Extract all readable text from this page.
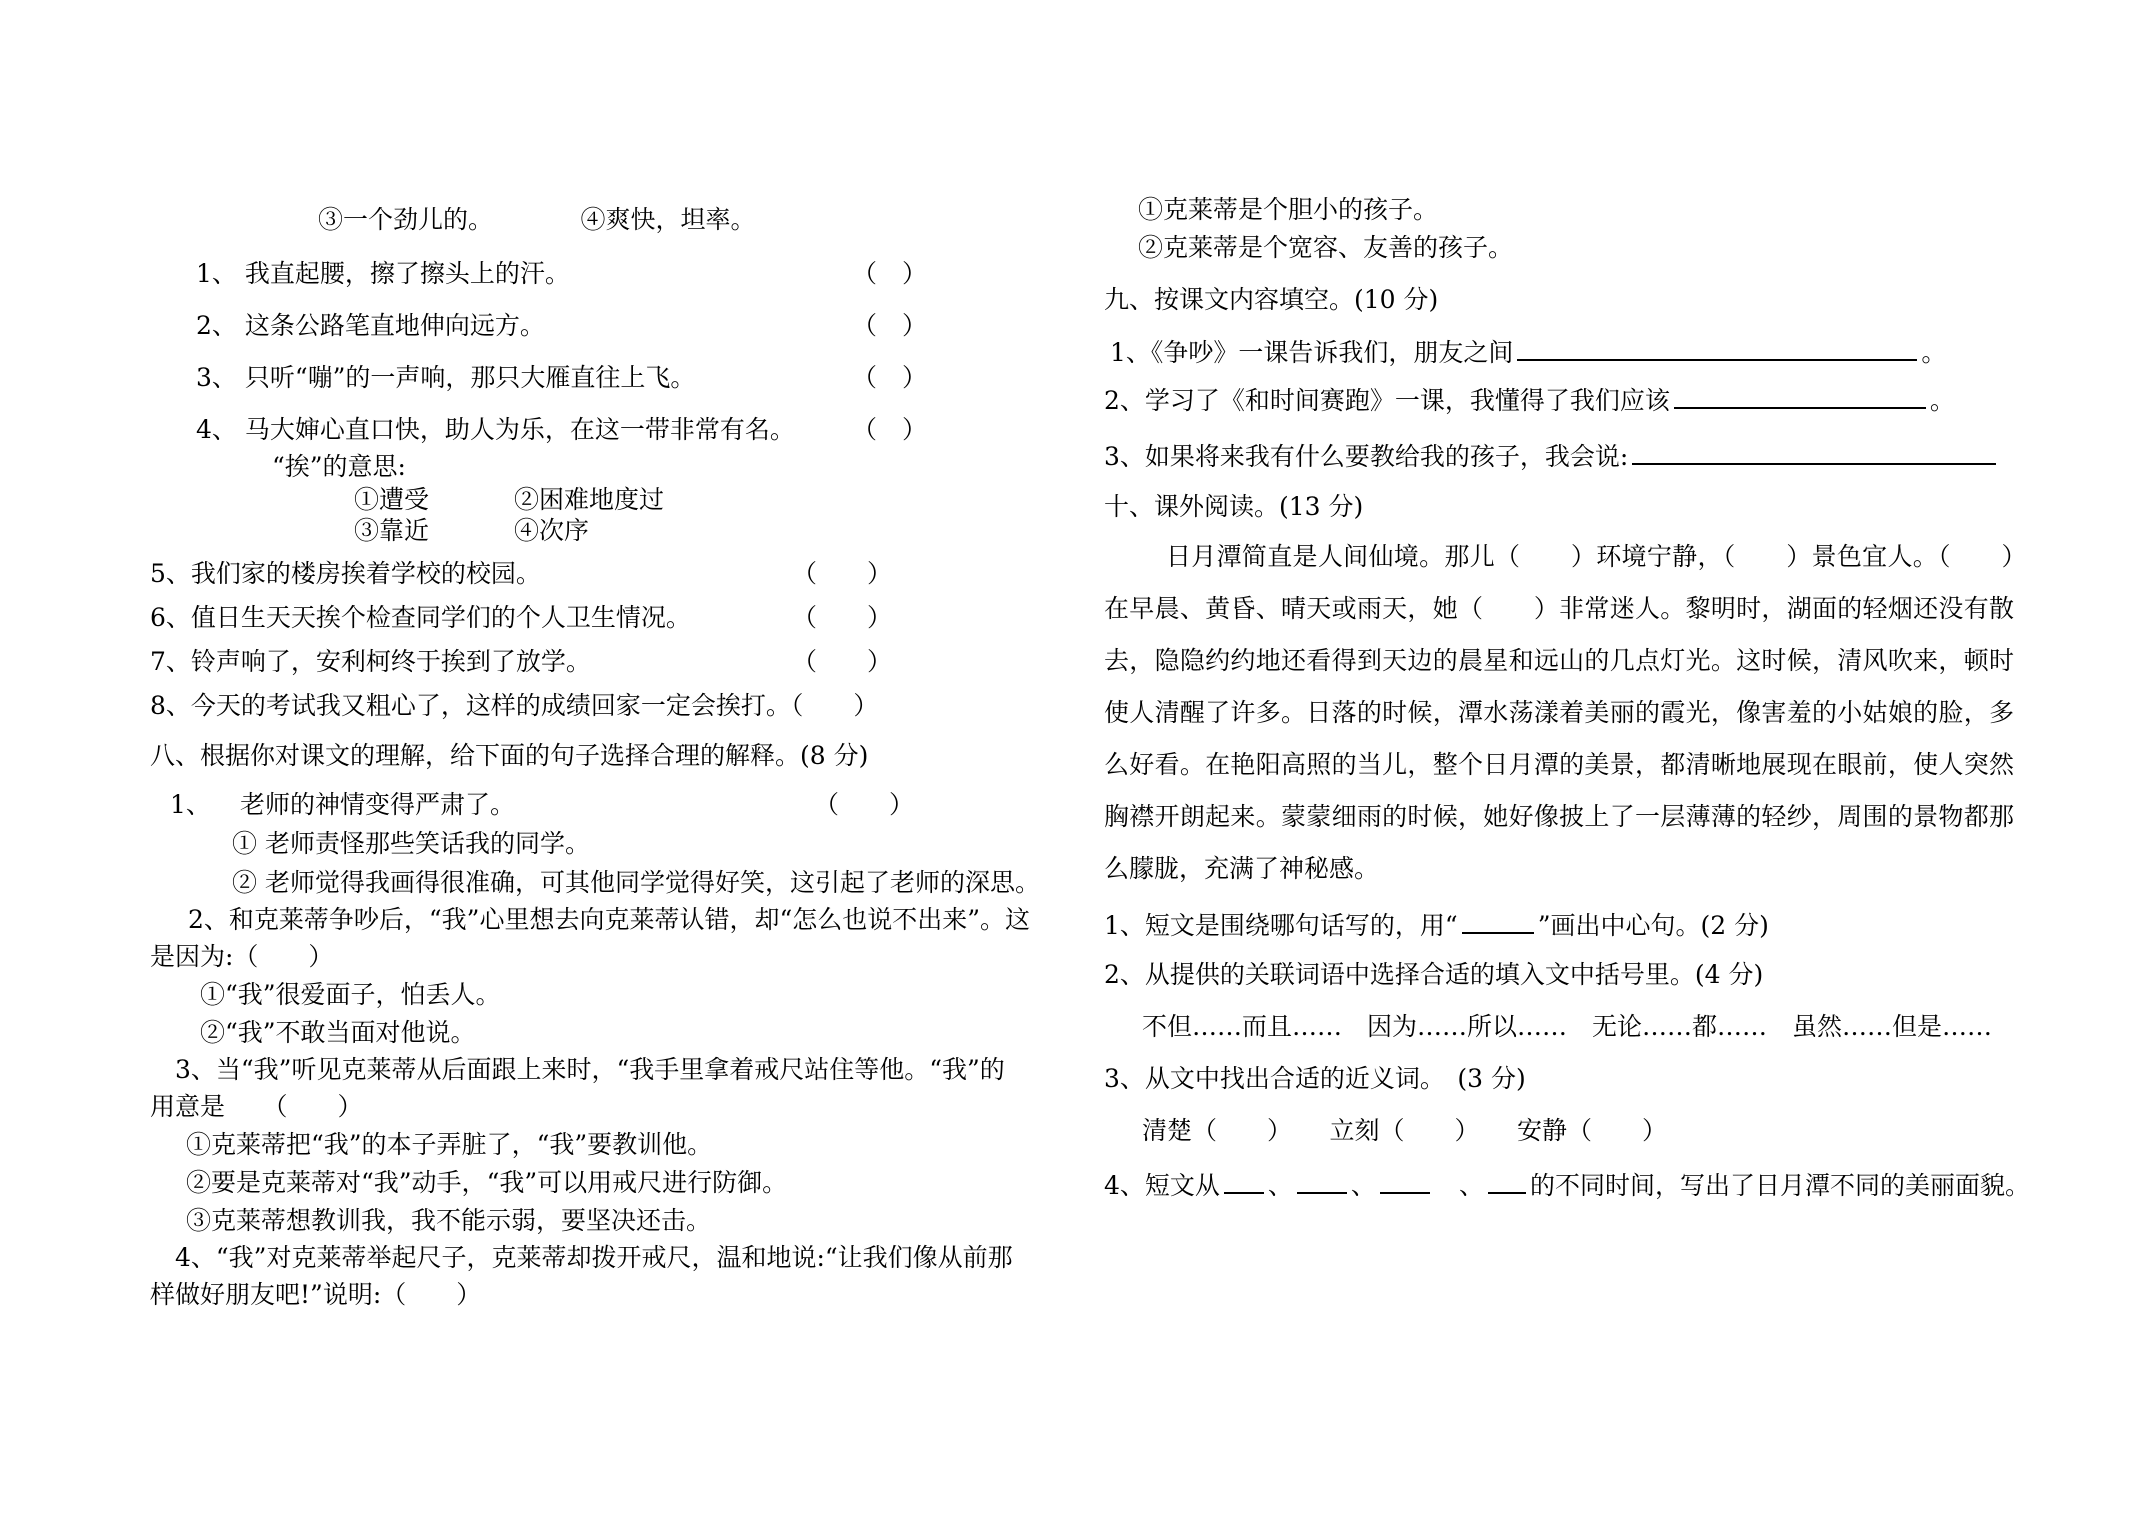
③一个劲儿的。　　　　④爽快，坦率。
1、 我直起腰，擦了擦头上的汗。	（　）
2、 这条公路笔直地伸向远方。	（　）
3、 只听“嘣”的一声响，那只大雁直往上飞。	（　）
4、 马大婶心直口快，助人为乐，在这一带非常有名。 （　）
“挨”的意思:
①遭受	②困难地度过
③靠近	④次序
5、我们家的楼房挨着学校的校园。	（　　）
6、值日生天天挨个检查同学们的个人卫生情况。	（　　）
7、铃声响了，安利柯终于挨到了放学。	（　　）
8、今天的考试我又粗心了，这样的成绩回家一定会挨打。（　　）
八、根据你对课文的理解，给下面的句子选择合理的解释。(8 分)
1、 老师的神情变得严肃了。	（　　）
① 老师责怪那些笑话我的同学。
② 老师觉得我画得很准确，可其他同学觉得好笑，这引起了老师的深思。
2、和克莱蒂争吵后，“我”心里想去向克莱蒂认错，却“怎么也说不出来”。这
是因为:（　　）
①“我”很爱面子，怕丢人。
②“我”不敢当面对他说。
3、当“我”听见克莱蒂从后面跟上来时，“我手里拿着戒尺站住等他。“我”的
用意是　　（　　）
①克莱蒂把“我”的本子弄脏了，“我”要教训他。
②要是克莱蒂对“我”动手，“我”可以用戒尺进行防御。
③克莱蒂想教训我，我不能示弱，要坚决还击。
4、“我”对克莱蒂举起尺子，克莱蒂却拨开戒尺，温和地说:“让我们像从前那
样做好朋友吧!”说明:（　　）
①克莱蒂是个胆小的孩子。
②克莱蒂是个宽容、友善的孩子。
九、按课文内容填空。(10 分)
1、《争吵》一课告诉我们，朋友之间	。
2、学习了《和时间赛跑》一课，我懂得了我们应该	。
3、如果将来我有什么要教给我的孩子，我会说:
十、课外阅读。(13 分)
日月潭简直是人间仙境。那儿（　　）环境宁静，（　　）景色宜人。（　　）在早晨、黄昏、晴天或雨天，她（　　）非常迷人。黎明时，湖面的轻烟还没有散去，隐隐约约地还看得到天边的晨星和远山的几点灯光。这时候，清风吹来，顿时使人清醒了许多。日落的时候，潭水荡漾着美丽的霞光，像害羞的小姑娘的脸，多么好看。在艳阳高照的当儿，整个日月潭的美景，都清晰地展现在眼前，使人突然胸襟开朗起来。蒙蒙细雨的时候，她好像披上了一层薄薄的轻纱，周围的景物都那么朦胧，充满了神秘感。
1、短文是围绕哪句话写的，用“	”画出中心句。(2 分)
2、从提供的关联词语中选择合适的填入文中括号里。(4 分)
不但……而且……　因为……所以……　无论……都……　虽然……但是……
3、从文中找出合适的近义词。　(3 分)
清楚（　　）　　立刻（　　）　　安静（　　）
4、短文从 、 、　、 的不同时间，写出了日月潭不同的美丽面貌。
